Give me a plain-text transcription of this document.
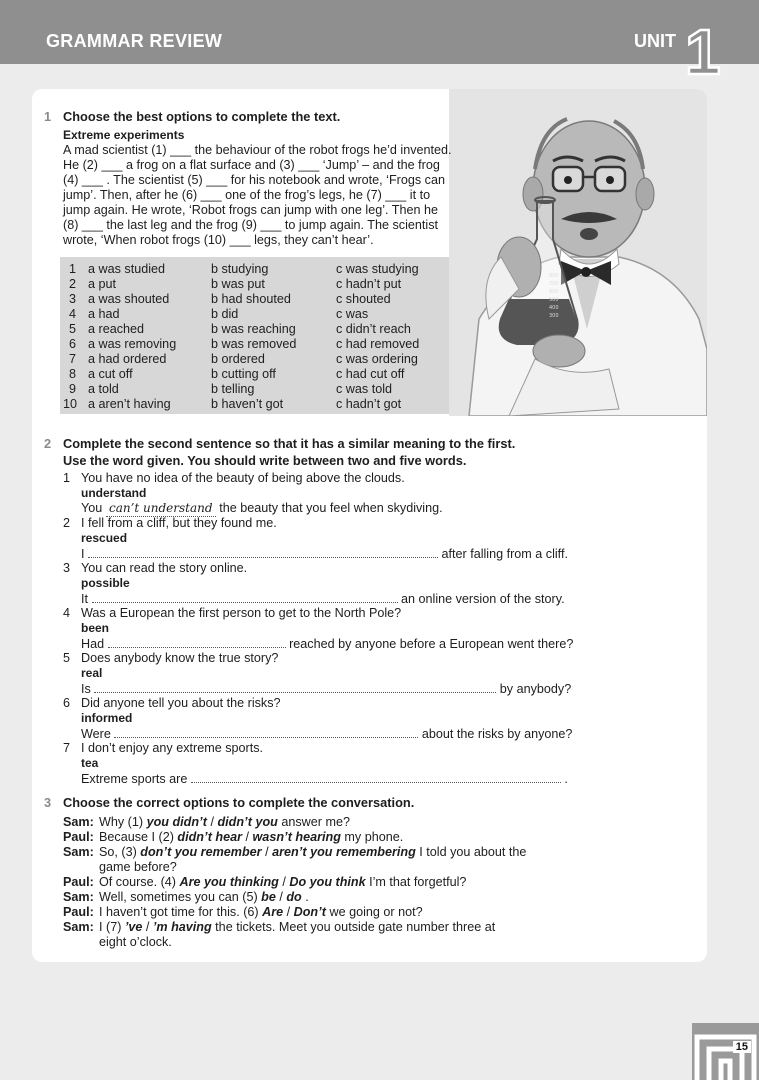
GRAMMAR REVIEW	UNIT 1
800
700
600
500
400
300
1 Choose the best options to complete the text.
Extreme experiments
A mad scientist (1) ___ the behaviour of the robot frogs he’d invented.
He (2) ___ a frog on a flat surface and (3) ___ ‘Jump’ – and the frog
(4) ___ . The scientist (5) ___ for his notebook and wrote, ‘Frogs can
jump’. Then, after he (6) ___ one of the frog’s legs, he (7) ___ it to
jump again. He wrote, ‘Robot frogs can jump with one leg’. Then he
(8) ___ the last leg and the frog (9) ___ to jump again. The scientist
wrote, ‘When robot frogs (10) ___ legs, they can’t hear’.
1 a was studied	b studying	c was studying
2 a put	b was put	c hadn’t put
3 a was shouted	b had shouted	c shouted
4 a had	b did	c was
5 a reached	b was reaching	c didn’t reach
6 a was removing	b was removed	c had removed
7 a had ordered	b ordered	c was ordering
8 a cut off	b cutting off	c had cut off
9 a told	b telling	c was told
10 a aren’t having	b haven’t got	c hadn’t got
2 Complete the second sentence so that it has a similar meaning to the first.
Use the word given. You should write between two and five words.
1 You have no idea of the beauty of being above the clouds.
understand
You can’t understand the beauty that you feel when skydiving.
2 I fell from a cliff, but they found me.
rescued
I	after falling from a cliff.
3 You can read the story online.
possible
It	an online version of the story.
4 Was a European the first person to get to the North Pole?
been
Had	reached by anyone before a European went there?
5 Does anybody know the true story?
real
Is	by anybody?
6 Did anyone tell you about the risks?
informed
Were	about the risks by anyone?
7 I don’t enjoy any extreme sports.
tea
Extreme sports are	.
3 Choose the correct options to complete the conversation.
Sam: Why (1) you didn’t / didn’t you answer me?
Paul: Because I (2) didn’t hear / wasn’t hearing my phone.
Sam: So, (3) don’t you remember / aren’t you remembering I told you about the
game before?
Paul: Of course. (4) Are you thinking / Do you think I’m that forgetful?
Sam: Well, sometimes you can (5) be / do .
Paul: I haven’t got time for this. (6) Are / Don’t we going or not?
Sam: I (7) ’ve / ’m having the tickets. Meet you outside gate number three at
eight o’clock.
15
